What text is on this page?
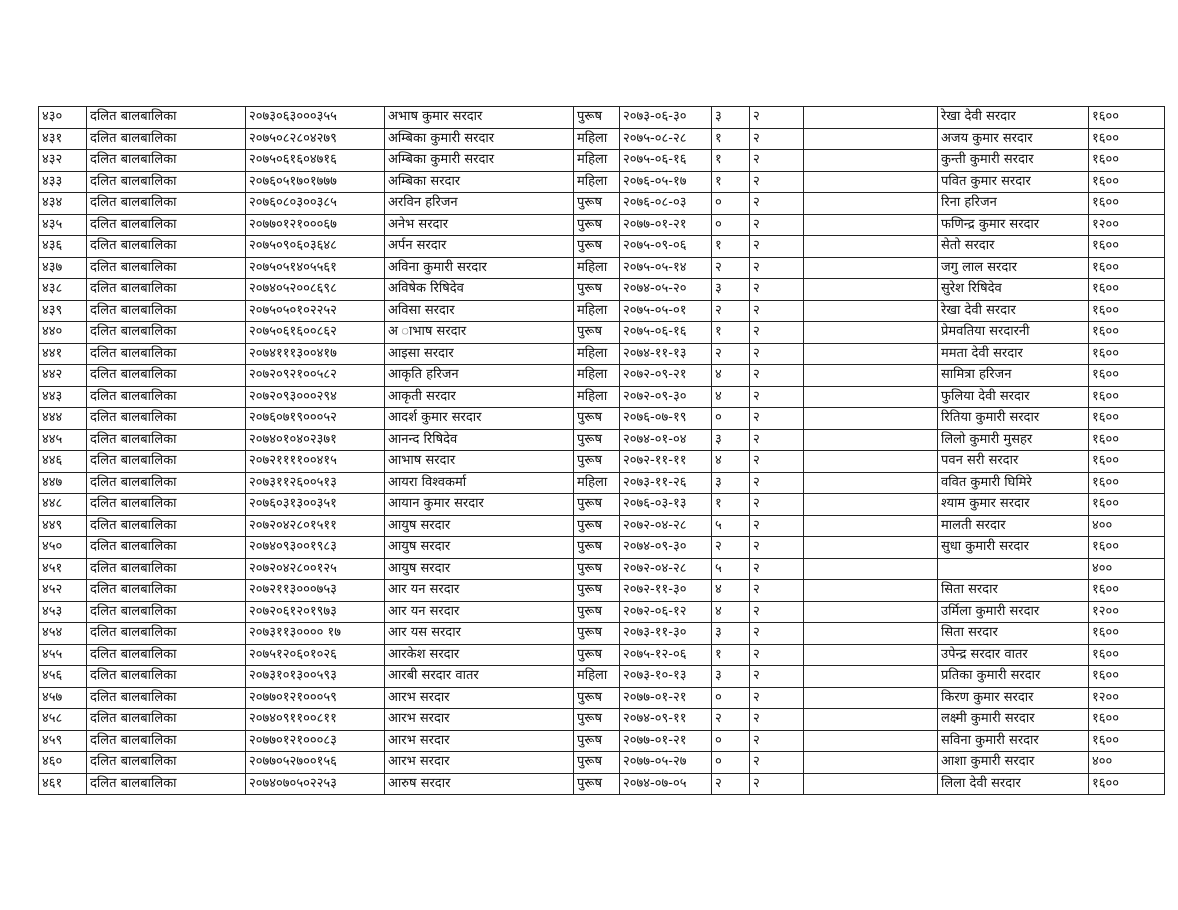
४३०	दलित बालबालिका	२०७३०६३०००३५५	अभाष कुमार सरदार	पुरूष	२०७३-०६-३०	३	२		रेखा देवी सरदार	१६००
४३१	दलित बालबालिका	२०७५०८२८०४२७९	अम्बिका कुमारी सरदार	महिला	२०७५-०८-२८	१	२		अजय कुमार सरदार	१६००
४३२	दलित बालबालिका	२०७५०६१६०४७१६	अम्बिका कुमारी सरदार	महिला	२०७५-०६-१६	१	२		कुन्ती कुमारी सरदार	१६००
४३३	दलित बालबालिका	२०७६०५१७०१७७७	अम्बिका सरदार	महिला	२०७६-०५-१७	१	२		पवित कुमार सरदार	१६००
४३४	दलित बालबालिका	२०७६०८०३००३८५	अरविन हरिजन	पुरूष	२०७६-०८-०३	०	२		रिना हरिजन	१६००
४३५	दलित बालबालिका	२०७७०१२१०००६७	अनेभ सरदार	पुरूष	२०७७-०१-२१	०	२		फणिन्द्र कुमार सरदार	१२००
४३६	दलित बालबालिका	२०७५०९०६०३६४८	अर्पन सरदार	पुरूष	२०७५-०९-०६	१	२		सेतो सरदार	१६००
४३७	दलित बालबालिका	२०७५०५१४०५५६१	अविना कुमारी सरदार	महिला	२०७५-०५-१४	२	२		जगु लाल सरदार	१६००
४३८	दलित बालबालिका	२०७४०५२००८६९८	अविषेक रिषिदेव	पुरूष	२०७४-०५-२०	३	२		सुरेश रिषिदेव	१६००
४३९	दलित बालबालिका	२०७५०५०१०२२५२	अविसा सरदार	महिला	२०७५-०५-०१	२	२		रेखा देवी सरदार	१६००
४४०	दलित बालबालिका	२०७५०६१६००८६२	अ ाभाष सरदार	पुरूष	२०७५-०६-१६	१	२		प्रेमवतिया सरदारनी	१६००
४४१	दलित बालबालिका	२०७४१११३००४१७	आइसा सरदार	महिला	२०७४-११-१३	२	२		ममता देवी सरदार	१६००
४४२	दलित बालबालिका	२०७२०९२१००५८२	आकृति हरिजन	महिला	२०७२-०९-२१	४	२		सामित्रा हरिजन	१६००
४४३	दलित बालबालिका	२०७२०९३०००२९४	आकृती सरदार	महिला	२०७२-०९-३०	४	२		फुलिया देवी सरदार	१६००
४४४	दलित बालबालिका	२०७६०७१९०००५२	आदर्श कुमार सरदार	पुरूष	२०७६-०७-१९	०	२		रितिया कुमारी सरदार	१६००
४४५	दलित बालबालिका	२०७४०१०४०२३७१	आनन्द रिषिदेव	पुरूष	२०७४-०१-०४	३	२		लिलो कुमारी मुसहर	१६००
४४६	दलित बालबालिका	२०७२११११००४१५	आभाष सरदार	पुरूष	२०७२-११-११	४	२		पवन सरी सरदार	१६००
४४७	दलित बालबालिका	२०७३११२६००५१३	आयरा विश्वकर्मा	महिला	२०७३-११-२६	३	२		ववित कुमारी घिमिरे	१६००
४४८	दलित बालबालिका	२०७६०३१३००३५१	आयान कुमार सरदार	पुरूष	२०७६-०३-१३	१	२		श्याम कुमार सरदार	१६००
४४९	दलित बालबालिका	२०७२०४२८०१५११	आयुष सरदार	पुरूष	२०७२-०४-२८	५	२		मालती सरदार	४००
४५०	दलित बालबालिका	२०७४०९३००१९८३	आयुष सरदार	पुरूष	२०७४-०९-३०	२	२		सुधा कुमारी सरदार	१६००
४५१	दलित बालबालिका	२०७२०४२८००१२५	आयुष सरदार	पुरूष	२०७२-०४-२८	५	२			४००
४५२	दलित बालबालिका	२०७२११३०००७५३	आर यन सरदार	पुरूष	२०७२-११-३०	४	२		सिता सरदार	१६००
४५३	दलित बालबालिका	२०७२०६१२०१९७३	आर यन सरदार	पुरूष	२०७२-०६-१२	४	२		उर्मिला कुमारी सरदार	१२००
४५४	दलित बालबालिका	२०७३११३०००० १७	आर यस सरदार	पुरूष	२०७३-११-३०	३	२		सिता सरदार	१६००
४५५	दलित बालबालिका	२०७५१२०६०१०२६	आरकेश सरदार	पुरूष	२०७५-१२-०६	१	२		उपेन्द्र सरदार वातर	१६००
४५६	दलित बालबालिका	२०७३१०१३००५९३	आरबी सरदार वातर	महिला	२०७३-१०-१३	३	२		प्रतिका कुमारी सरदार	१६००
४५७	दलित बालबालिका	२०७७०१२१०००५९	आरभ सरदार	पुरूष	२०७७-०१-२१	०	२		किरण कुमार सरदार	१२००
४५८	दलित बालबालिका	२०७४०९११००८११	आरभ सरदार	पुरूष	२०७४-०९-११	२	२		लक्ष्मी कुमारी सरदार	१६००
४५९	दलित बालबालिका	२०७७०१२१०००८३	आरभ सरदार	पुरूष	२०७७-०१-२१	०	२		सविना कुमारी सरदार	१६००
४६०	दलित बालबालिका	२०७७०५२७००१५६	आरभ सरदार	पुरूष	२०७७-०५-२७	०	२		आशा कुमारी सरदार	४००
४६१	दलित बालबालिका	२०७४०७०५०२२५३	आरुष सरदार	पुरूष	२०७४-०७-०५	२	२		लिला देवी सरदार	१६००
